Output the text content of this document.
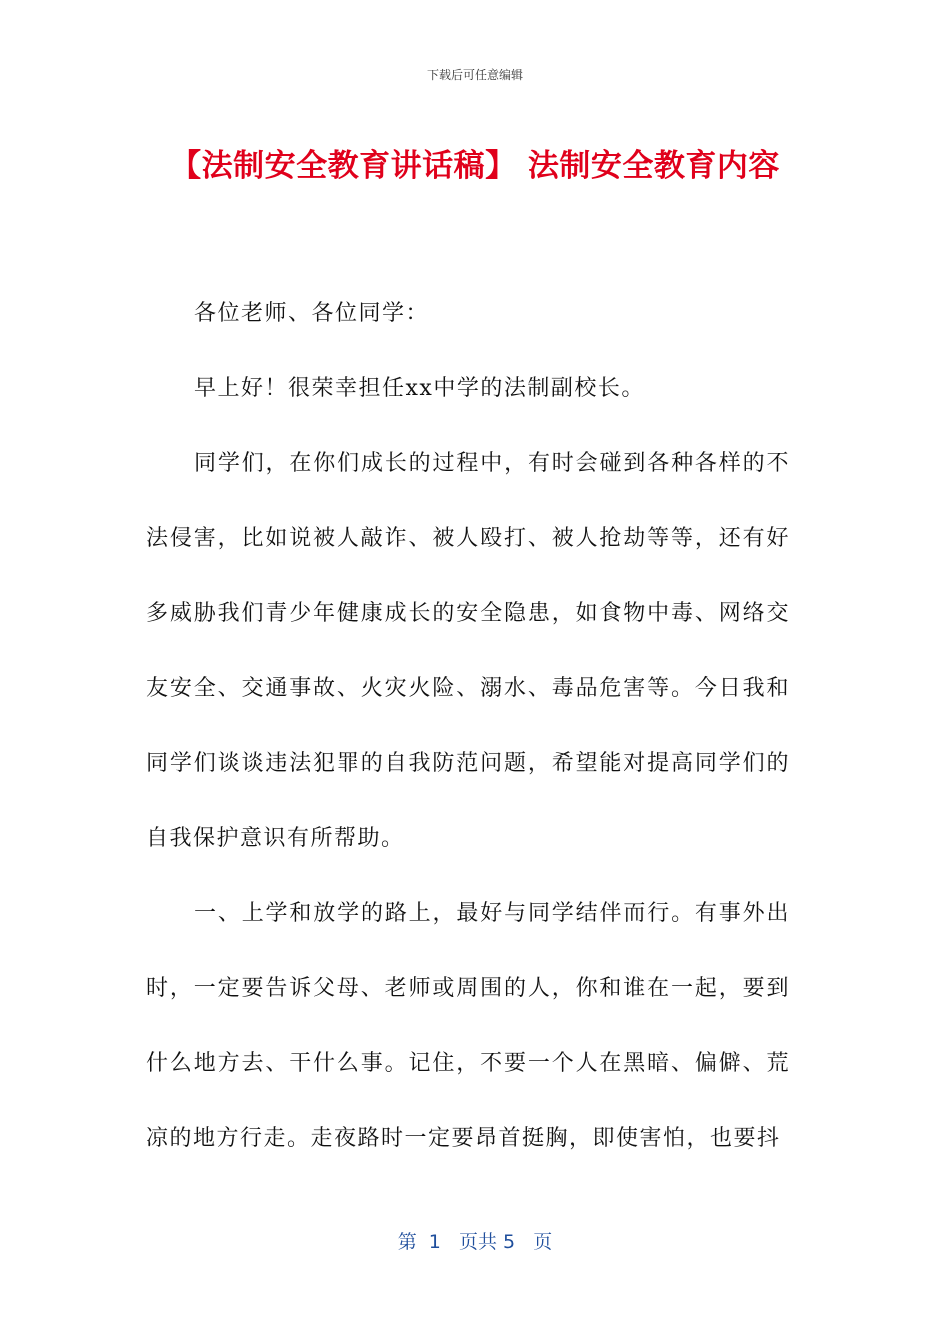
下载后可任意编辑
【法制安全教育讲话稿】 法制安全教育内容

各位老师、各位同学：

早上好！很荣幸担任xx中学的法制副校长。

同学们，在你们成长的过程中，有时会碰到各种各样的不法侵害，比如说被人敲诈、被人殴打、被人抢劫等等，还有好多威胁我们青少年健康成长的安全隐患，如食物中毒、网络交友安全、交通事故、火灾火险、溺水、毒品危害等。今日我和同学们谈谈违法犯罪的自我防范问题，希望能对提高同学们的自我保护意识有所帮助。

一、上学和放学的路上，最好与同学结伴而行。有事外出时，一定要告诉父母、老师或周围的人，你和谁在一起，要到什么地方去、干什么事。记住，不要一个人在黑暗、偏僻、荒凉的地方行走。走夜路时一定要昂首挺胸，即使害怕，也要抖

第  1   页共 5   页
